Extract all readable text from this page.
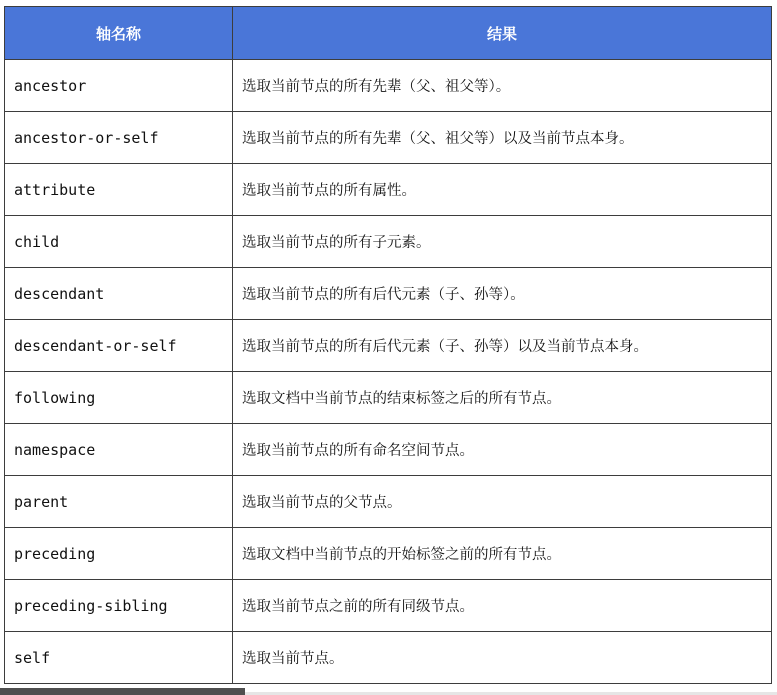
轴名称	结果
ancestor	选取当前节点的所有先辈（父、祖父等）。
ancestor-or-self	选取当前节点的所有先辈（父、祖父等）以及当前节点本身。
attribute	选取当前节点的所有属性。
child	选取当前节点的所有子元素。
descendant	选取当前节点的所有后代元素（子、孙等）。
descendant-or-self	选取当前节点的所有后代元素（子、孙等）以及当前节点本身。
following	选取文档中当前节点的结束标签之后的所有节点。
namespace	选取当前节点的所有命名空间节点。
parent	选取当前节点的父节点。
preceding	选取文档中当前节点的开始标签之前的所有节点。
preceding-sibling	选取当前节点之前的所有同级节点。
self	选取当前节点。
